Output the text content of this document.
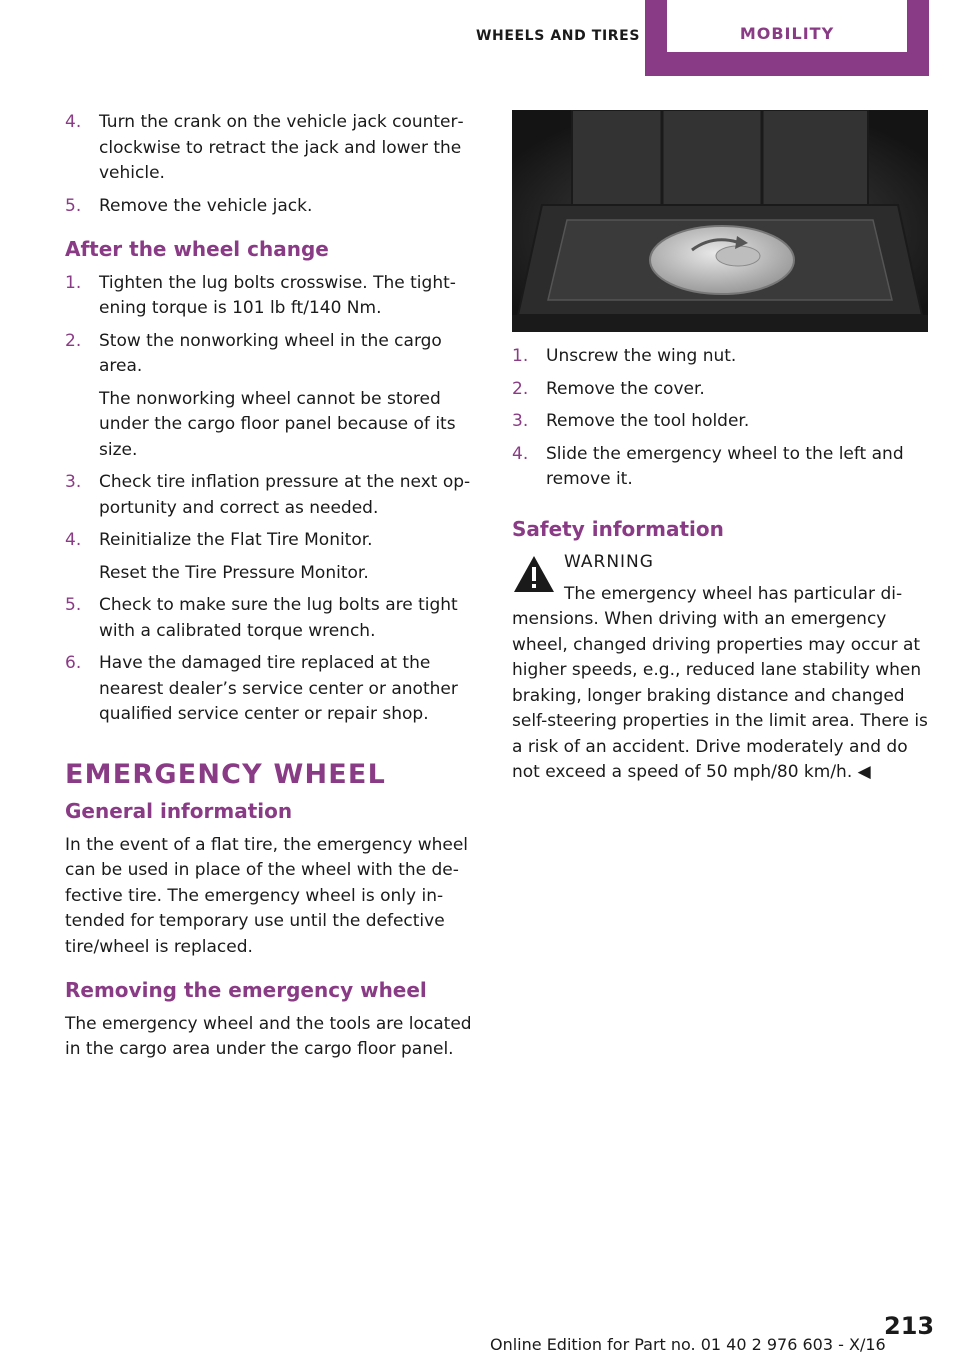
WHEELS AND TIRES	MOBILITY
4. Turn the crank on the vehicle jack counter‐clockwise to retract the jack and lower the vehicle.

5. Remove the vehicle jack.

After the wheel change
1. Tighten the lug bolts crosswise. The tight‐ening torque is 101 lb ft/140 Nm.

2. Stow the nonworking wheel in the cargo area.

The nonworking wheel cannot be stored under the cargo floor panel because of its size.

3. Check tire inflation pressure at the next op‐portunity and correct as needed.

4. Reinitialize the Flat Tire Monitor.

Reset the Tire Pressure Monitor.

5. Check to make sure the lug bolts are tight with a calibrated torque wrench.

6. Have the damaged tire replaced at the nearest dealer’s service center or another qualified service center or repair shop.

EMERGENCY WHEEL
General information

In the event of a flat tire, the emergency wheel can be used in place of the wheel with the de‐fective tire. The emergency wheel is only in‐tended for temporary use until the defective tire/wheel is replaced.

Removing the emergency wheel

The emergency wheel and the tools are located in the cargo area under the cargo floor panel.

1. Unscrew the wing nut.

2. Remove the cover.

3. Remove the tool holder.

4. Slide the emergency wheel to the left and remove it.

Safety information
WARNING

The emergency wheel has particular di‐mensions. When driving with an emergency wheel, changed driving properties may occur at higher speeds, e.g., reduced lane stability when braking, longer braking distance and changed self-steering properties in the limit area. There is a risk of an accident. Drive moderately and do not exceed a speed of 50 mph/80 km/h. ◀

Online Edition for Part no. 01 40 2 976 603 - X/16
213
